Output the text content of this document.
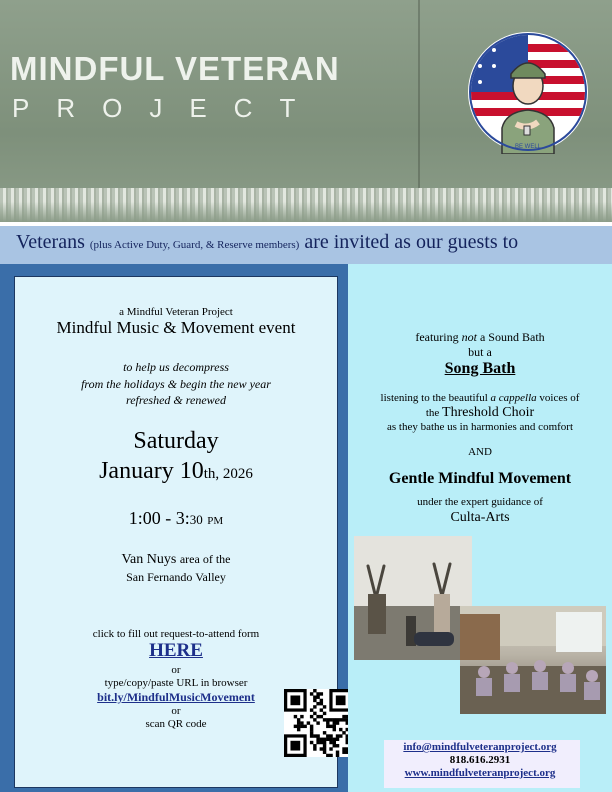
MINDFUL VETERAN
PROJECT
BE WELL

Veterans (plus Active Duty, Guard, & Reserve members) are invited as our guests to

a Mindful Veteran Project
Mindful Music & Movement event
to help us decompress
from the holidays & begin the new year
refreshed & renewed
Saturday
January 10th, 2026
1:00 - 3:30 PM
Van Nuys area of the
San Fernando Valley
click to fill out request-to-attend form
HERE
or
type/copy/paste URL in browser
bit.ly/MindfulMusicMovement
or
scan QR code
featuring not a Sound Bath
but a
Song Bath
listening to the beautiful a cappella voices of
the Threshold Choir
as they bathe us in harmonies and comfort
AND
Gentle Mindful Movement
under the expert guidance of
Culta-Arts
info@mindfulveteranproject.org
818.616.2931
www.mindfulveteranproject.org
